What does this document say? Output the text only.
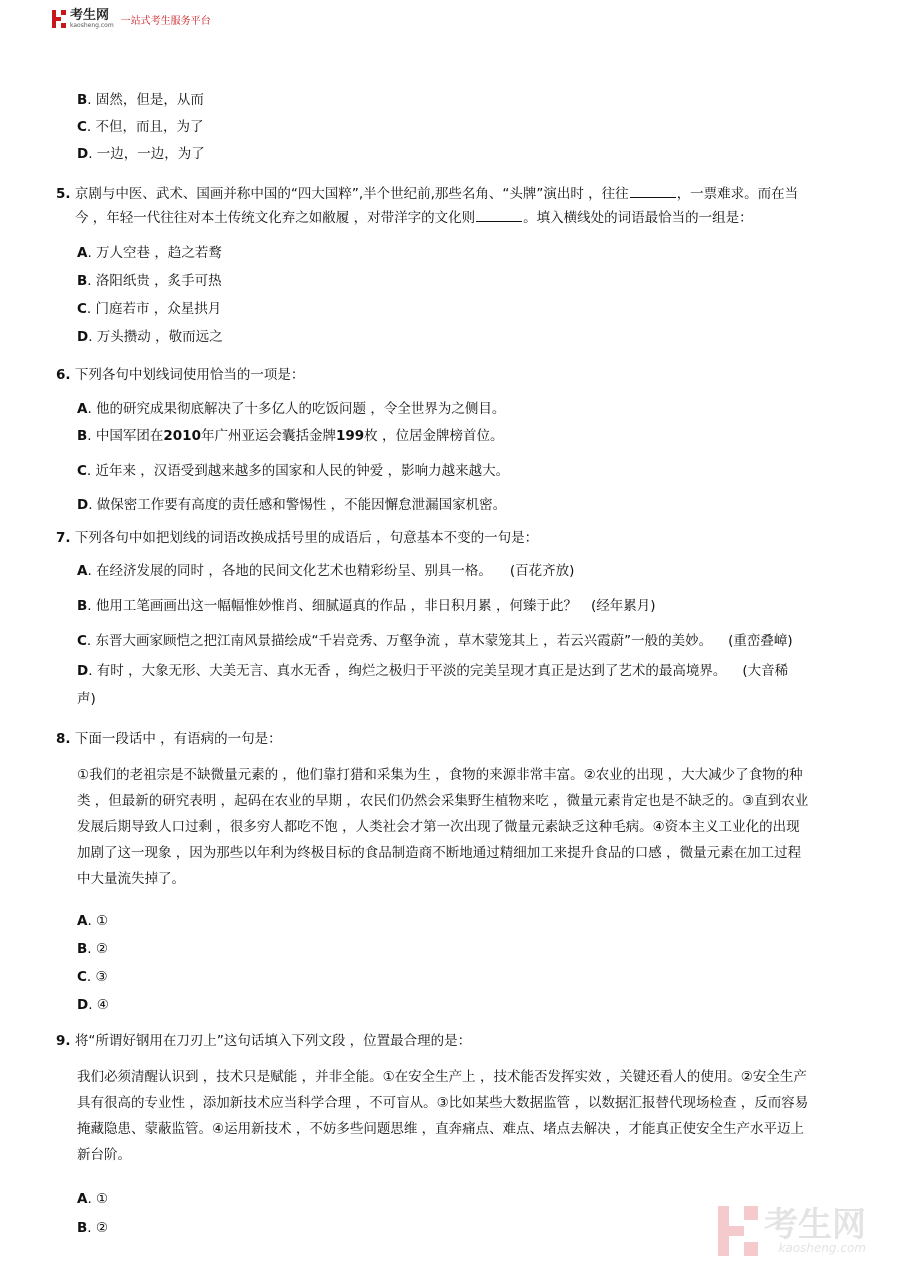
考生网
kaosheng.com 一站式考生服务平台
B. 固然，但是，从而
C. 不但，而且，为了
D. 一边，一边，为了
5. 京剧与中医、武术、国画并称中国的“四大国粹”,半个世纪前,那些名角、“头牌”演出时 ，往往	，一票难求。而在当
今 ，年轻一代往往对本土传统文化弃之如敝履 ，对带洋字的文化则	。填入横线处的词语最恰当的一组是：
A. 万人空巷 ，趋之若鹜
B. 洛阳纸贵 ，炙手可热
C. 门庭若市 ，众星拱月
D. 万头攒动 ，敬而远之
6. 下列各句中划线词使用恰当的一项是：
A. 他的研究成果彻底解决了十多亿人的吃饭问题 ，令全世界为之侧目。
B. 中国军团在2010年广州亚运会囊括金牌199枚 ，位居金牌榜首位。
C. 近年来 ，汉语受到越来越多的国家和人民的钟爱 ，影响力越来越大。
D. 做保密工作要有高度的责任感和警惕性 ，不能因懈怠泄漏国家机密。
7. 下列各句中如把划线的词语改换成括号里的成语后 ，句意基本不变的一句是：
A. 在经济发展的同时 ，各地的民间文化艺术也精彩纷呈、别具一格。 (百花齐放)
B. 他用工笔画画出这一幅幅惟妙惟肖、细腻逼真的作品 ，非日积月累 ，何臻于此？ (经年累月)
C. 东晋大画家顾恺之把江南风景描绘成“千岩竞秀、万壑争流 ，草木蒙笼其上 ，若云兴霞蔚”一般的美妙。 (重峦叠嶂)
D. 有时 ，大象无形、大美无言、真水无香 ，绚烂之极归于平淡的完美呈现才真正是达到了艺术的最高境界。 (大音稀
声)
8. 下面一段话中 ，有语病的一句是：
①我们的老祖宗是不缺微量元素的 ，他们靠打猎和采集为生 ，食物的来源非常丰富。②农业的出现 ，大大减少了食物的种
类 ，但最新的研究表明 ，起码在农业的早期 ，农民们仍然会采集野生植物来吃 ，微量元素肯定也是不缺乏的。③直到农业
发展后期导致人口过剩 ，很多穷人都吃不饱 ，人类社会才第一次出现了微量元素缺乏这种毛病。④资本主义工业化的出现
加剧了这一现象 ，因为那些以年利为终极目标的食品制造商不断地通过精细加工来提升食品的口感 ，微量元素在加工过程
中大量流失掉了。
A. ①
B. ②
C. ③
D. ④
9. 将“所谓好钢用在刀刃上”这句话填入下列文段 ，位置最合理的是：
我们必须清醒认识到 ，技术只是赋能 ，并非全能。①在安全生产上 ，技术能否发挥实效 ，关键还看人的使用。②安全生产
具有很高的专业性 ，添加新技术应当科学合理 ，不可盲从。③比如某些大数据监管 ，以数据汇报替代现场检查 ，反而容易
掩藏隐患、蒙蔽监管。④运用新技术 ，不妨多些问题思维 ，直奔痛点、难点、堵点去解决 ，才能真正使安全生产水平迈上
新台阶。
A. ①
B. ②	考生网
kaosheng.com
